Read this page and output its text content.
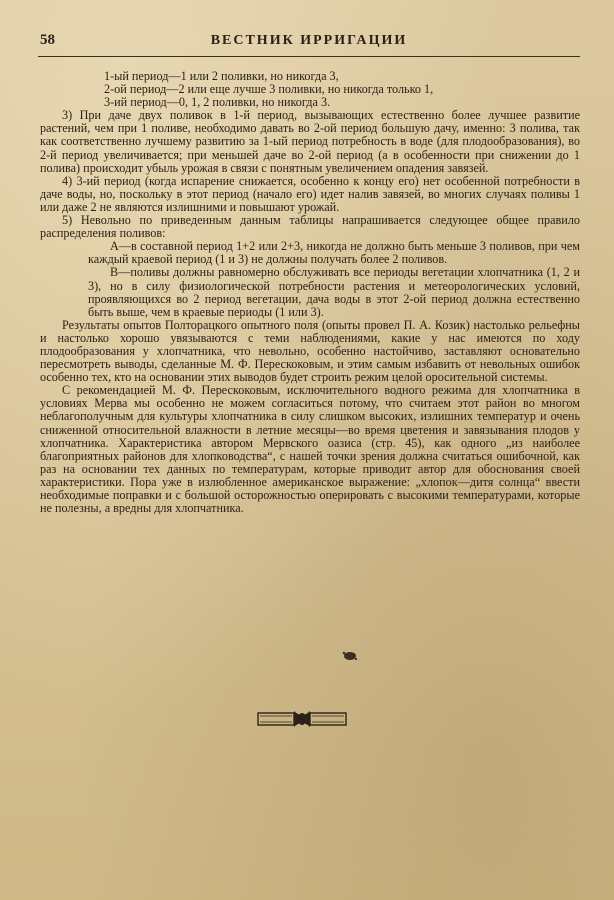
58	ВЕСТНИК ИРРИГАЦИИ

1-ый период—1 или 2 поливки, но никогда 3,

2-ой период—2 или еще лучше 3 поливки, но никогда только 1,

3-ий период—0, 1, 2 поливки, но никогда 3.

3) При даче двух поливок в 1-й период, вызывающих естественно более лучшее развитие растений, чем при 1 поливе, необходимо давать во 2-ой период большую дачу, именно: 3 полива, так как соответственно лучшему развитию за 1-ый период потребность в воде (для плодообразования), во 2-й период увеличивается; при меньшей даче во 2-ой период (а в особенности при снижении до 1 полива) происходит убыль урожая в связи с понятным увеличением опадения завязей.

4) 3-ий период (когда испарение снижается, особенно к концу его) нет особенной потребности в даче воды, но, поскольку в этот период (начало его) идет налив завязей, во многих случаях поливы 1 или даже 2 не являются излишними и повышают урожай.

5) Невольно по приведенным данным таблицы напрашивается следующее общее правило распределения поливов:

А—в составной период 1+2 или 2+3, никогда не должно быть меньше 3 поливов, при чем каждый краевой период (1 и 3) не должны получать более 2 поливов.

В—поливы должны равномерно обслуживать все периоды вегетации хлопчатника (1, 2 и 3), но в силу физиологической потребности растения и метеорологических условий, проявляющихся во 2 период вегетации, дача воды в этот 2-ой период должна естественно быть выше, чем в краевые периоды (1 или 3).

Результаты опытов Полторацкого опытного поля (опыты провел П. А. Козик) настолько рельефны и настолько хорошо увязываются с теми наблюдениями, какие у нас имеются по ходу плодообразования у хлопчатника, что невольно, особенно настойчиво, заставляют основательно пересмотреть выводы, сделанные М. Ф. Перескоковым, и этим самым избавить от невольных ошибок особенно тех, кто на основании этих выводов будет строить режим целой оросительной системы.

С рекомендацией М. Ф. Перескоковым, исключительного водного режима для хлопчатника в условиях Мерва мы особенно не можем согласиться потому, что считаем этот район во многом неблагополучным для культуры хлопчатника в силу слишком высоких, излишних температур и очень сниженной относительной влажности в летние месяцы—во время цветения и завязывания плодов у хлопчатника. Характеристика автором Мервского оазиса (стр. 45), как одного „из наиболее благоприятных районов для хлопководства“, с нашей точки зрения должна считаться ошибочной, как раз на основании тех данных по температурам, которые приводит автор для обоснования своей характеристики. Пора уже в излюбленное американское выражение: „хлопок—дитя солнца“ ввести необходимые поправки и с большой осторожностью оперировать с высокими температурами, которые не полезны, а вредны для хлопчатника.
